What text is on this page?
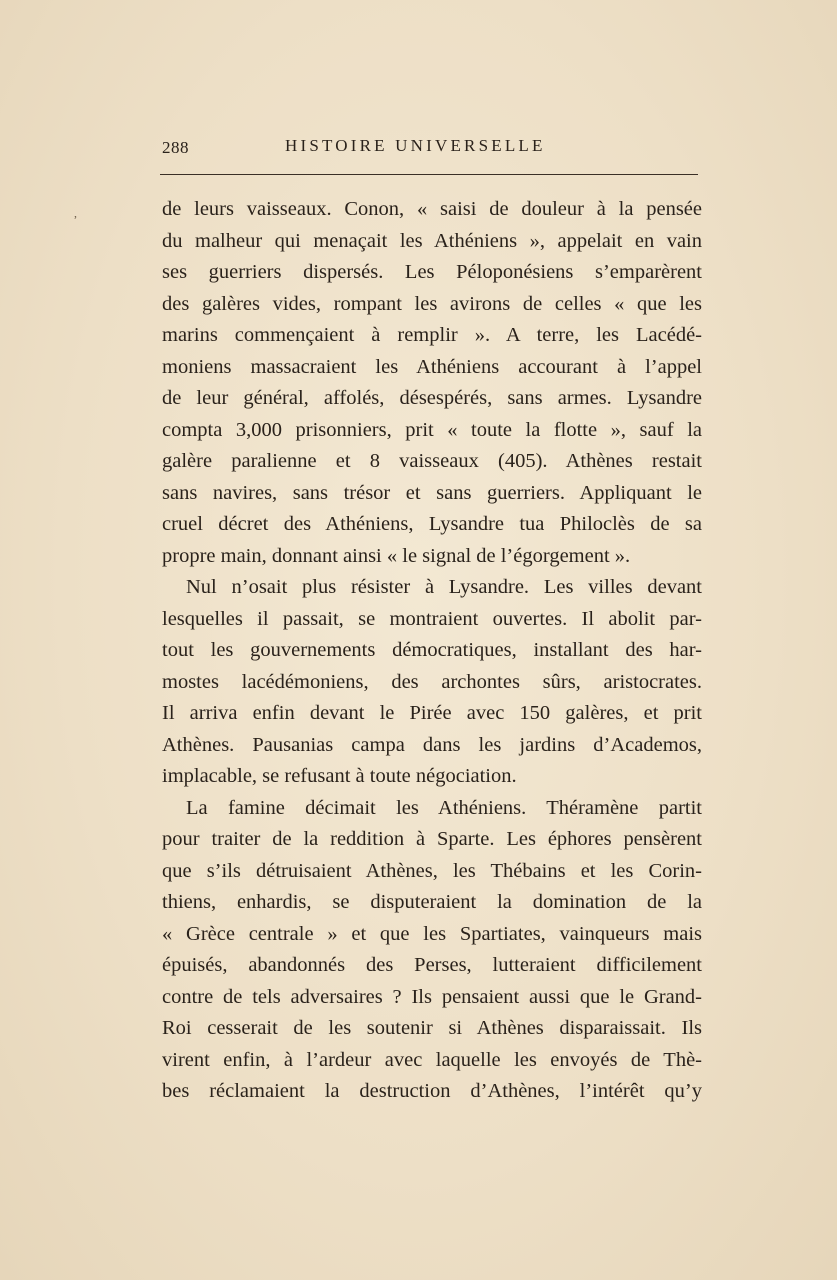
288	HISTOIRE UNIVERSELLE
,	de leurs vaisseaux. Conon, « saisi de douleur à la pensée
du malheur qui menaçait les Athéniens », appelait en vain
ses guerriers dispersés. Les Péloponésiens s’emparèrent
des galères vides, rompant les avirons de celles « que les
marins commençaient à remplir ». A terre, les Lacédé-
moniens massacraient les Athéniens accourant à l’appel
de leur général, affolés, désespérés, sans armes. Lysandre
compta 3,000 prisonniers, prit « toute la flotte », sauf la
galère paralienne et 8 vaisseaux (405). Athènes restait
sans navires, sans trésor et sans guerriers. Appliquant le
cruel décret des Athéniens, Lysandre tua Philoclès de sa
propre main, donnant ainsi « le signal de l’égorgement ».
Nul n’osait plus résister à Lysandre. Les villes devant
lesquelles il passait, se montraient ouvertes. Il abolit par-
tout les gouvernements démocratiques, installant des har-
mostes lacédémoniens, des archontes sûrs, aristocrates.
Il arriva enfin devant le Pirée avec 150 galères, et prit
Athènes. Pausanias campa dans les jardins d’Academos,
implacable, se refusant à toute négociation.
La famine décimait les Athéniens. Théramène partit
pour traiter de la reddition à Sparte. Les éphores pensèrent
que s’ils détruisaient Athènes, les Thébains et les Corin-
thiens, enhardis, se disputeraient la domination de la
« Grèce centrale » et que les Spartiates, vainqueurs mais
épuisés, abandonnés des Perses, lutteraient difficilement
contre de tels adversaires ? Ils pensaient aussi que le Grand-
Roi cesserait de les soutenir si Athènes disparaissait. Ils
virent enfin, à l’ardeur avec laquelle les envoyés de Thè-
bes réclamaient la destruction d’Athènes, l’intérêt qu’y
